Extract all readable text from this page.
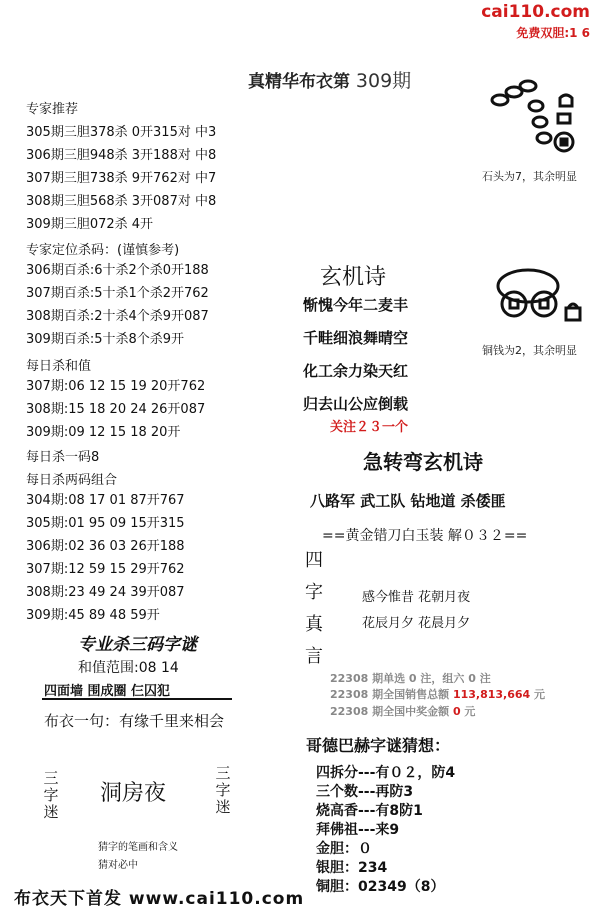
cai110.com
免费双胆:1 6
真精华布衣第 309期
专家推荐
305期三胆378杀 0开315对 中3
306期三胆948杀 3开188对 中8
307期三胆738杀 9开762对 中7
308期三胆568杀 3开087对 中8
309期三胆072杀 4开
专家定位杀码：(谨慎参考)
306期百杀:6十杀2个杀0开188
307期百杀:5十杀1个杀2开762
308期百杀:2十杀4个杀9开087
309期百杀:5十杀8个杀9开
每日杀和值
307期:06 12 15 19 20开762
308期:15 18 20 24 26开087
309期:09 12 15 18 20开
每日杀一码8
每日杀两码组合
304期:08 17 01 87开767
305期:01 95 09 15开315
306期:02 36 03 26开188
307期:12 59 15 29开762
308期:23 49 24 39开087
309期:45 89 48 59开
石头为7，其余明显
铜钱为2，其余明显
玄机诗
惭愧今年二麦丰
千畦细浪舞晴空
化工余力染天红
归去山公应倒载
关注２３一个
急转弯玄机诗
八路军 武工队 钻地道 杀倭匪
==黄金错刀白玉装 解０３２==
四
字
真
言
感今惟昔 花朝月夜
花辰月夕 花晨月夕
22308 期单选 0 注，组六 0 注
22308 期全国销售总额 113,813,664 元
22308 期全国中奖金额 0 元
哥德巴赫字谜猜想：
四拆分---有０２，防4
三个数---再防3
烧高香---有8防1
拜佛祖---来9
金胆：０
银胆：234
铜胆：02349（8）
专业杀三码字谜
和值范围:08 14
四面墙 围成圈 仨囚犯
布衣一句：有缘千里来相会
三字迷
洞房夜
三字迷
猜字的笔画和含义
猜对必中
布衣天下首发 www.cai110.com
